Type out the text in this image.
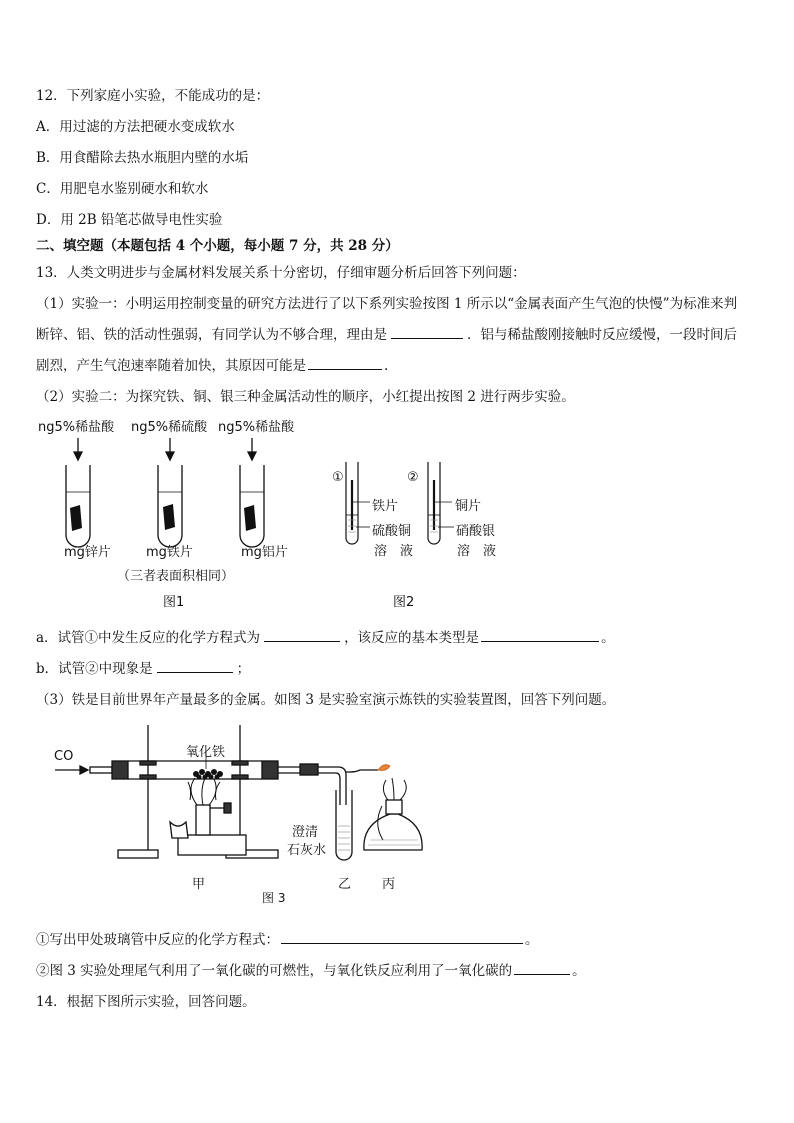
12．下列家庭小实验，不能成功的是：
A．用过滤的方法把硬水变成软水
B．用食醋除去热水瓶胆内壁的水垢
C．用肥皂水鉴别硬水和软水
D．用 2B 铅笔芯做导电性实验
二、填空题（本题包括 4 个小题，每小题 7 分，共 28 分）
13．人类文明进步与金属材料发展关系十分密切，仔细审题分析后回答下列问题：
（1）实验一：小明运用控制变量的研究方法进行了以下系列实验按图 1 所示以“金属表面产生气泡的快慢”为标准来判
断锌、铝、铁的活动性强弱，有同学认为不够合理，理由是	．铝与稀盐酸刚接触时反应缓慢，一段时间后
剧烈，产生气泡速率随着加快，其原因可能是	.
（2）实验二：为探究铁、铜、银三种金属活动性的顺序，小红提出按图 2 进行两步实验。
ng5%稀盐酸 ng5%稀硫酸 ng5%稀盐酸
mg锌片	mg铁片	mg铝片
（三者表面积相同）
图1
①	②
铁片
硫酸铜
溶　液
铜片
硝酸银
溶　液
图2
a．试管①中发生反应的化学方程式为	，该反应的基本类型是	。
b．试管②中现象是	；
（3）铁是目前世界年产量最多的金属。如图 3 是实验室演示炼铁的实验装置图，回答下列问题。
CO	氧化铁
澄清
石灰水
甲	乙 丙
图 3
①写出甲处玻璃管中反应的化学方程式：	。
②图 3 实验处理尾气利用了一氧化碳的可燃性，与氧化铁反应利用了一氧化碳的	。
14．根据下图所示实验，回答问题。
